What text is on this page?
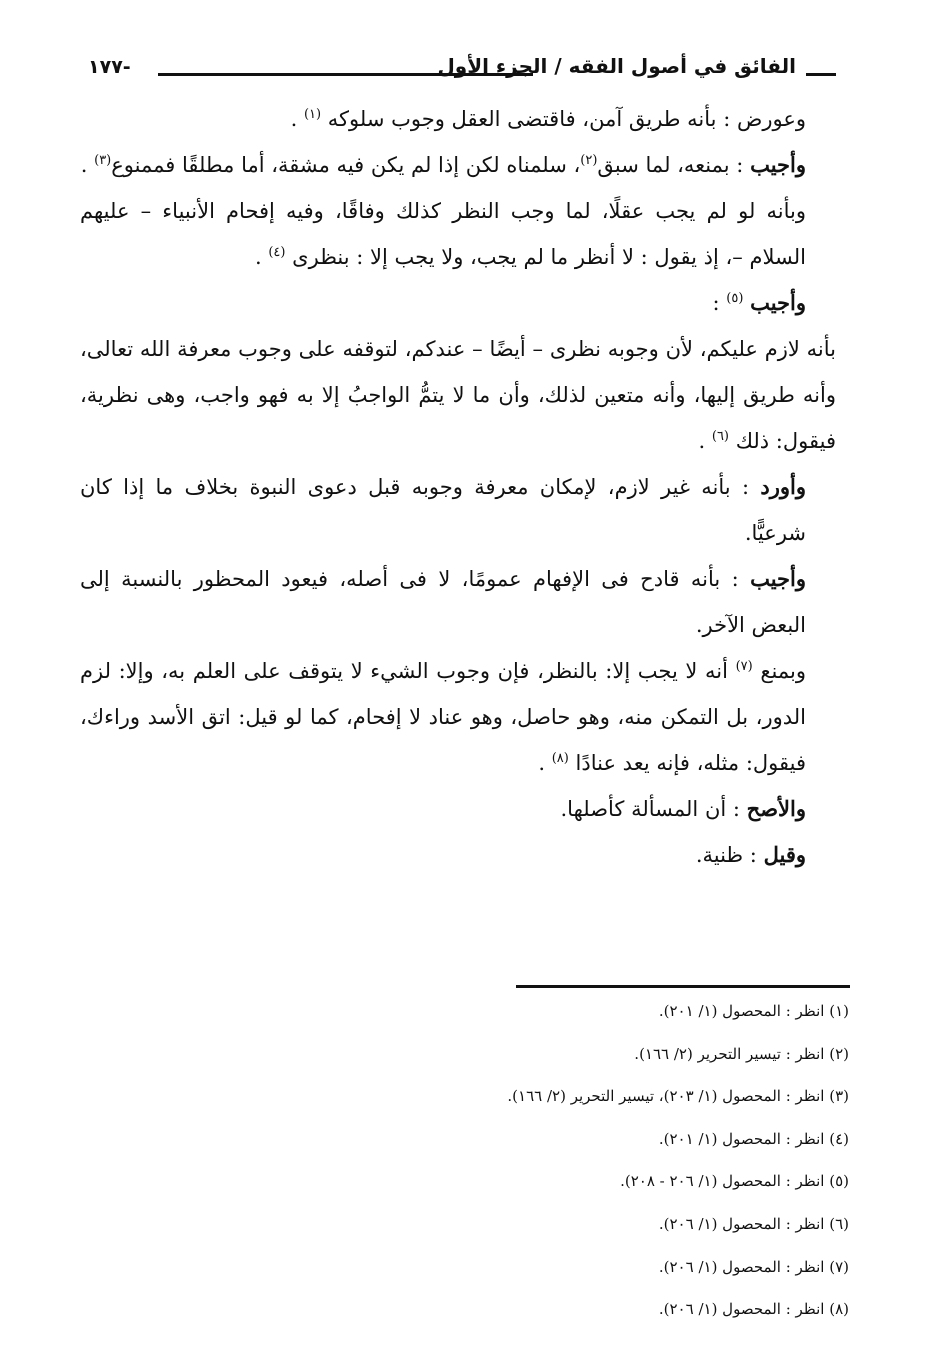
-١٧٧	الفائق في أصول الفقه / الجزء الأول

وعورض : بأنه طريق آمن، فاقتضى العقل وجوب سلوكه $^{(١)}$ .

وأجيب : بمنعه، لما سبق$^{(٢)}$، سلمناه لكن إذا لم يكن فيه مشقة، أما مطلقًا فممنوع$^{(٣)}$ .

وبأنه لو لم يجب عقلًا، لما وجب النظر كذلك وفاقًا، وفيه إفحام الأنبياء – عليهم السلام –، إذ يقول : لا أنظر ما لم يجب، ولا يجب إلا : بنظرى $^{(٤)}$ .

وأجيب $^{(٥)}$ :

بأنه لازم عليكم، لأن وجوبه نظرى – أيضًا – عندكم، لتوقفه على وجوب معرفة الله تعالى، وأنه طريق إليها، وأنه متعين لذلك، وأن ما لا يتمُّ الواجبُ إلا به فهو واجب، وهى نظرية، فيقول: ذلك $^{(٦)}$ .

وأورد : بأنه غير لازم، لإمكان معرفة وجوبه قبل دعوى النبوة بخلاف ما إذا كان شرعيًّا.

وأجيب : بأنه قادح فى الإفهام عمومًا، لا فى أصله، فيعود المحظور بالنسبة إلى البعض الآخر.

وبمنع $^{(٧)}$ أنه لا يجب إلا: بالنظر، فإن وجوب الشيء لا يتوقف على العلم به، وإلا: لزم الدور، بل التمكن منه، وهو حاصل، وهو عناد لا إفحام، كما لو قيل: اتق الأسد وراءك، فيقول: مثله، فإنه يعد عنادًا $^{(٨)}$ .

والأصح : أن المسألة كأصلها.

وقيل : ظنية.

(١) انظر : المحصول (١/ ٢٠١).
(٢) انظر : تيسير التحرير (٢/ ١٦٦).
(٣) انظر : المحصول (١/ ٢٠٣)، تيسير التحرير (٢/ ١٦٦).
(٤) انظر : المحصول (١/ ٢٠١).
(٥) انظر : المحصول (١/ ٢٠٦ - ٢٠٨).
(٦) انظر : المحصول (١/ ٢٠٦).
(٧) انظر : المحصول (١/ ٢٠٦).
(٨) انظر : المحصول (١/ ٢٠٦).
